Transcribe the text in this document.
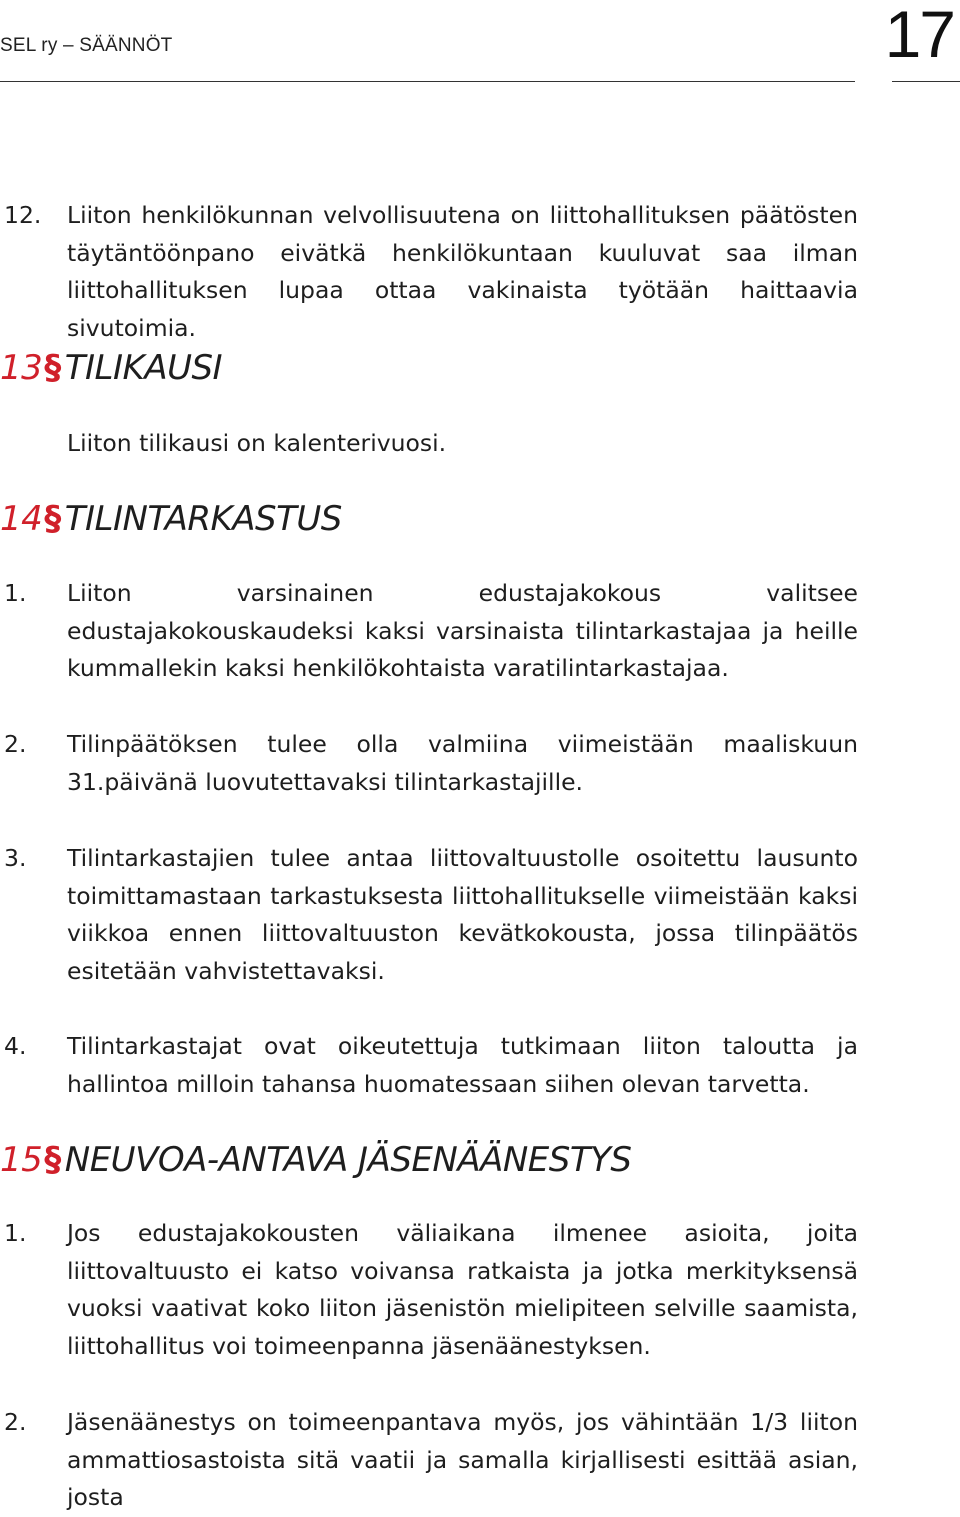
SEL ry – SÄÄNNÖT	17
12. Liiton henkilökunnan velvollisuutena on liittohallituksen päätösten täytäntöönpano eivätkä henkilökuntaan kuuluvat saa ilman liittohallituksen lupaa ottaa vakinaista työtään haittaavia sivutoimia.
13§ TILIKAUSI
Liiton tilikausi on kalenterivuosi.
14§ TILINTARKASTUS
1. Liiton varsinainen edustajakokous valitsee edustajakokouskaudeksi kaksi varsinaista tilintarkastajaa ja heille kummallekin kaksi henkilökohtaista varatilintarkastajaa.
2. Tilinpäätöksen tulee olla valmiina viimeistään maaliskuun 31.päivänä luovutettavaksi tilintarkastajille.
3. Tilintarkastajien tulee antaa liittovaltuustolle osoitettu lausunto toimittamastaan tarkastuksesta liittohallitukselle viimeistään kaksi viikkoa ennen liittovaltuuston kevätkokousta, jossa tilinpäätös esitetään vahvistettavaksi.
4. Tilintarkastajat ovat oikeutettuja tutkimaan liiton taloutta ja hallintoa milloin tahansa huomatessaan siihen olevan tarvetta.
15§ NEUVOA-ANTAVA JÄSENÄÄNESTYS
1. Jos edustajakokousten väliaikana ilmenee asioita, joita liittovaltuusto ei katso voivansa ratkaista ja jotka merkityksensä vuoksi vaativat koko liiton jäsenistön mielipiteen selville saamista, liittohallitus voi toimeenpanna jäsenäänestyksen.
2. Jäsenäänestys on toimeenpantava myös, jos vähintään 1/3 liiton ammattiosastoista sitä vaatii ja samalla kirjallisesti esittää asian, josta
